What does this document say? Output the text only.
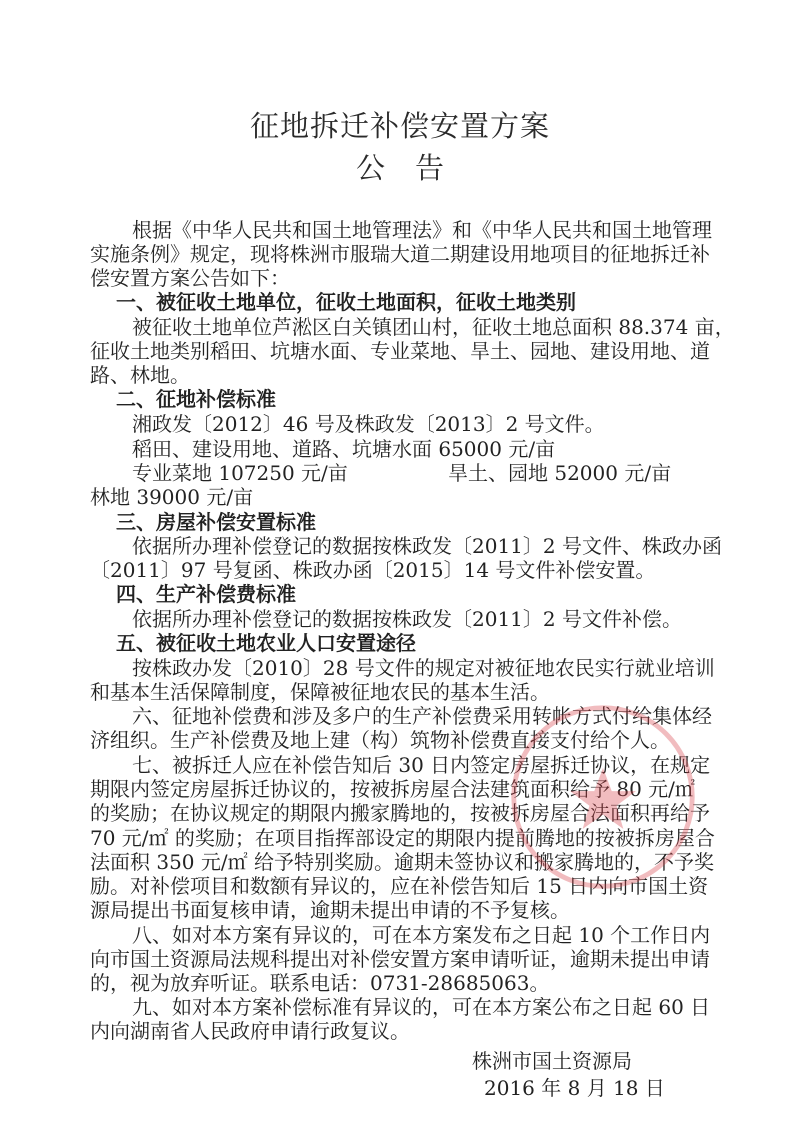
征地拆迁补偿安置方案
公告
根据《中华人民共和国土地管理法》和《中华人民共和国土地管理
实施条例》规定，现将株洲市服瑞大道二期建设用地项目的征地拆迁补
偿安置方案公告如下：
一、被征收土地单位，征收土地面积，征收土地类别
被征收土地单位芦淞区白关镇团山村，征收土地总面积 88.374 亩，
征收土地类别稻田、坑塘水面、专业菜地、旱土、园地、建设用地、道
路、林地。
二、征地补偿标准
湘政发〔2012〕46 号及株政发〔2013〕2 号文件。
稻田、建设用地、道路、坑塘水面 65000 元/亩
专业菜地 107250 元/亩	旱土、园地 52000 元/亩
林地 39000 元/亩
三、房屋补偿安置标准
依据所办理补偿登记的数据按株政发〔2011〕2 号文件、株政办函
〔2011〕97 号复函、株政办函〔2015〕14 号文件补偿安置。
四、生产补偿费标准
依据所办理补偿登记的数据按株政发〔2011〕2 号文件补偿。
五、被征收土地农业人口安置途径
按株政办发〔2010〕28 号文件的规定对被征地农民实行就业培训
和基本生活保障制度，保障被征地农民的基本生活。
六、征地补偿费和涉及多户的生产补偿费采用转帐方式付给集体经
济组织。生产补偿费及地上建（构）筑物补偿费直接支付给个人。
七、被拆迁人应在补偿告知后 30 日内签定房屋拆迁协议，在规定
期限内签定房屋拆迁协议的，按被拆房屋合法建筑面积给予 80 元/㎡
的奖励；在协议规定的期限内搬家腾地的，按被拆房屋合法面积再给予
70 元/㎡ 的奖励；在项目指挥部设定的期限内提前腾地的按被拆房屋合
法面积 350 元/㎡ 给予特别奖励。逾期未签协议和搬家腾地的，不予奖
励。对补偿项目和数额有异议的，应在补偿告知后 15 日内向市国土资
源局提出书面复核申请，逾期未提出申请的不予复核。
八、如对本方案有异议的，可在本方案发布之日起 10 个工作日内
向市国土资源局法规科提出对补偿安置方案申请听证，逾期未提出申请
的，视为放弃听证。联系电话：0731-28685063。
九、如对本方案补偿标准有异议的，可在本方案公布之日起 60 日
内向湖南省人民政府申请行政复议。
株洲市国土资源局
2016 年 8 月 18 日
